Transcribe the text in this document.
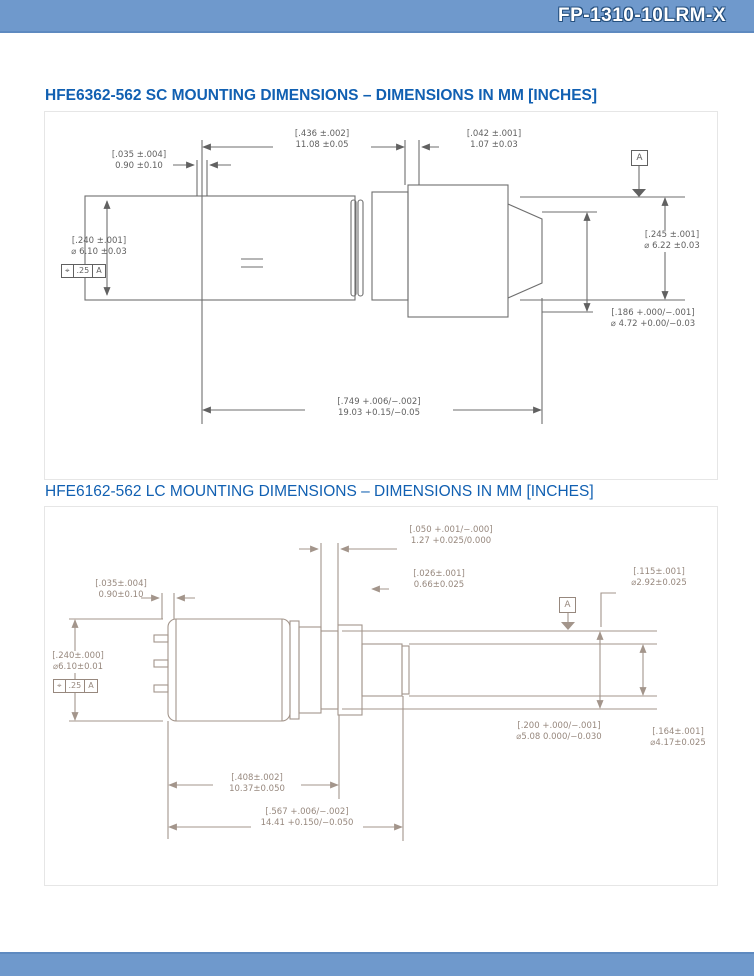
FP-1310-10LRM-X
HFE6362-562 SC MOUNTING DIMENSIONS – DIMENSIONS IN MM [INCHES]
[.240 ±.001]
⌀ 6.10 ±0.03
⌖ .25 A
[.035 ±.004]
0.90 ±0.10
[.436 ±.002]
11.08 ±0.05
[.042 ±.001]
1.07 ±0.03
[.245 ±.001]
⌀ 6.22 ±0.03
[.186 +.000/−.001]
⌀ 4.72 +0.00/−0.03
[.749 +.006/−.002]
19.03 +0.15/−0.05
A
HFE6162-562 LC MOUNTING DIMENSIONS – DIMENSIONS IN MM [INCHES]
[.240±.000]
⌀6.10±0.01
⌖ .25 A
[.035±.004]
0.90±0.10
[.050 +.001/−.000]
1.27 +0.025/0.000
[.026±.001]
0.66±0.025
[.115±.001]
⌀2.92±0.025
[.200 +.000/−.001]
⌀5.08 0.000/−0.030
[.164±.001]
⌀4.17±0.025
[.408±.002]
10.37±0.050
[.567 +.006/−.002]
14.41 +0.150/−0.050
A
